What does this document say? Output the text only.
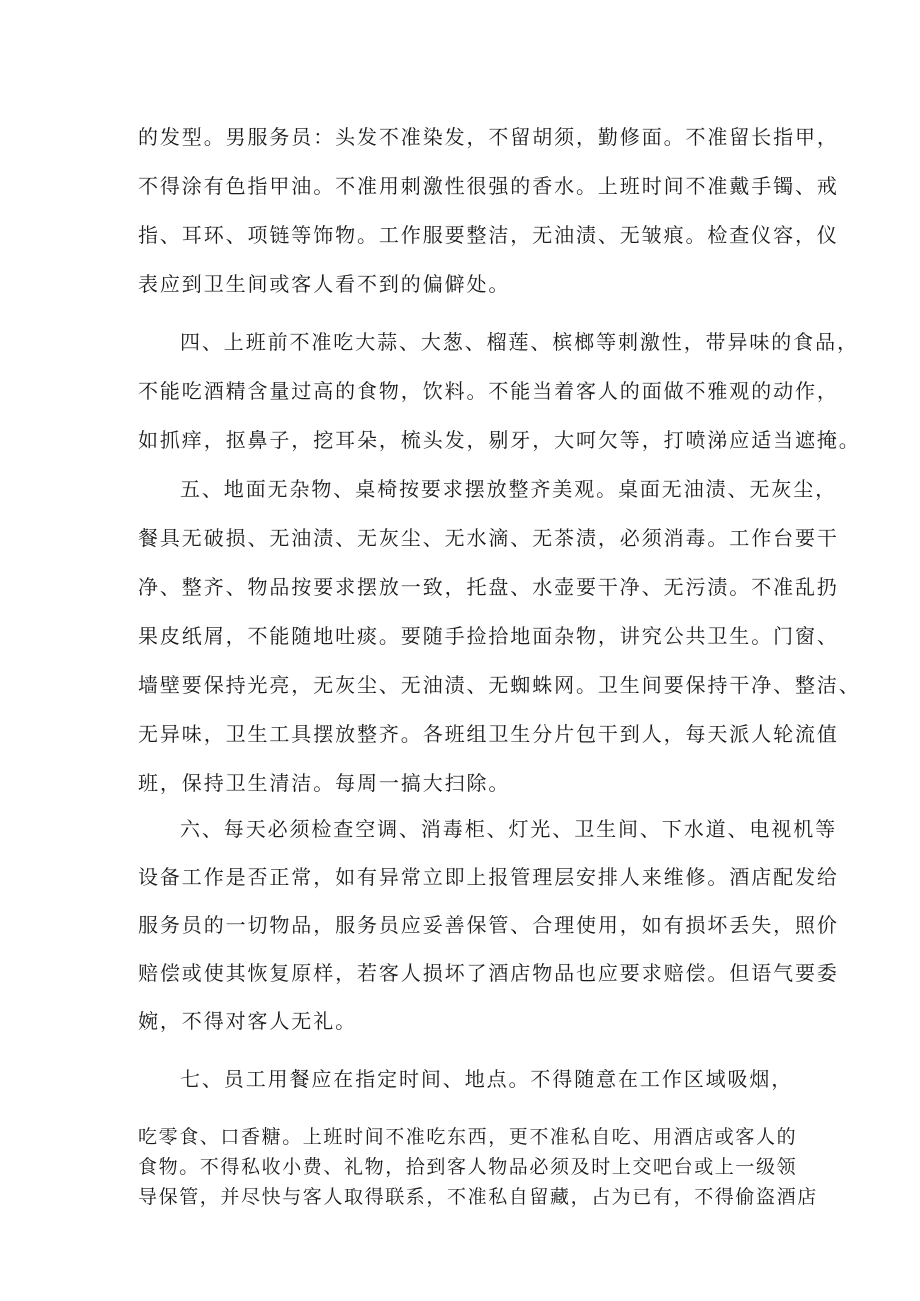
的发型。男服务员：头发不准染发，不留胡须，勤修面。不准留长指甲，
不得涂有色指甲油。不准用刺激性很强的香水。上班时间不准戴手镯、戒
指、耳环、项链等饰物。工作服要整洁，无油渍、无皱痕。检查仪容，仪
表应到卫生间或客人看不到的偏僻处。
四、上班前不准吃大蒜、大葱、榴莲、槟榔等刺激性，带异味的食品，
不能吃酒精含量过高的食物，饮料。不能当着客人的面做不雅观的动作，
如抓痒，抠鼻子，挖耳朵，梳头发，剔牙，大呵欠等，打喷涕应适当遮掩。
五、地面无杂物、桌椅按要求摆放整齐美观。桌面无油渍、无灰尘，
餐具无破损、无油渍、无灰尘、无水滴、无茶渍，必须消毒。工作台要干
净、整齐、物品按要求摆放一致，托盘、水壶要干净、无污渍。不准乱扔
果皮纸屑，不能随地吐痰。要随手捡拾地面杂物，讲究公共卫生。门窗、
墙壁要保持光亮，无灰尘、无油渍、无蜘蛛网。卫生间要保持干净、整洁、
无异味，卫生工具摆放整齐。各班组卫生分片包干到人，每天派人轮流值
班，保持卫生清洁。每周一搞大扫除。
六、每天必须检查空调、消毒柜、灯光、卫生间、下水道、电视机等
设备工作是否正常，如有异常立即上报管理层安排人来维修。酒店配发给
服务员的一切物品，服务员应妥善保管、合理使用，如有损坏丢失，照价
赔偿或使其恢复原样，若客人损坏了酒店物品也应要求赔偿。但语气要委
婉，不得对客人无礼。
七、员工用餐应在指定时间、地点。不得随意在工作区域吸烟，
吃零食、口香糖。上班时间不准吃东西，更不准私自吃、用酒店或客人的
食物。不得私收小费、礼物，拾到客人物品必须及时上交吧台或上一级领
导保管，并尽快与客人取得联系，不准私自留藏，占为已有，不得偷盗酒店
